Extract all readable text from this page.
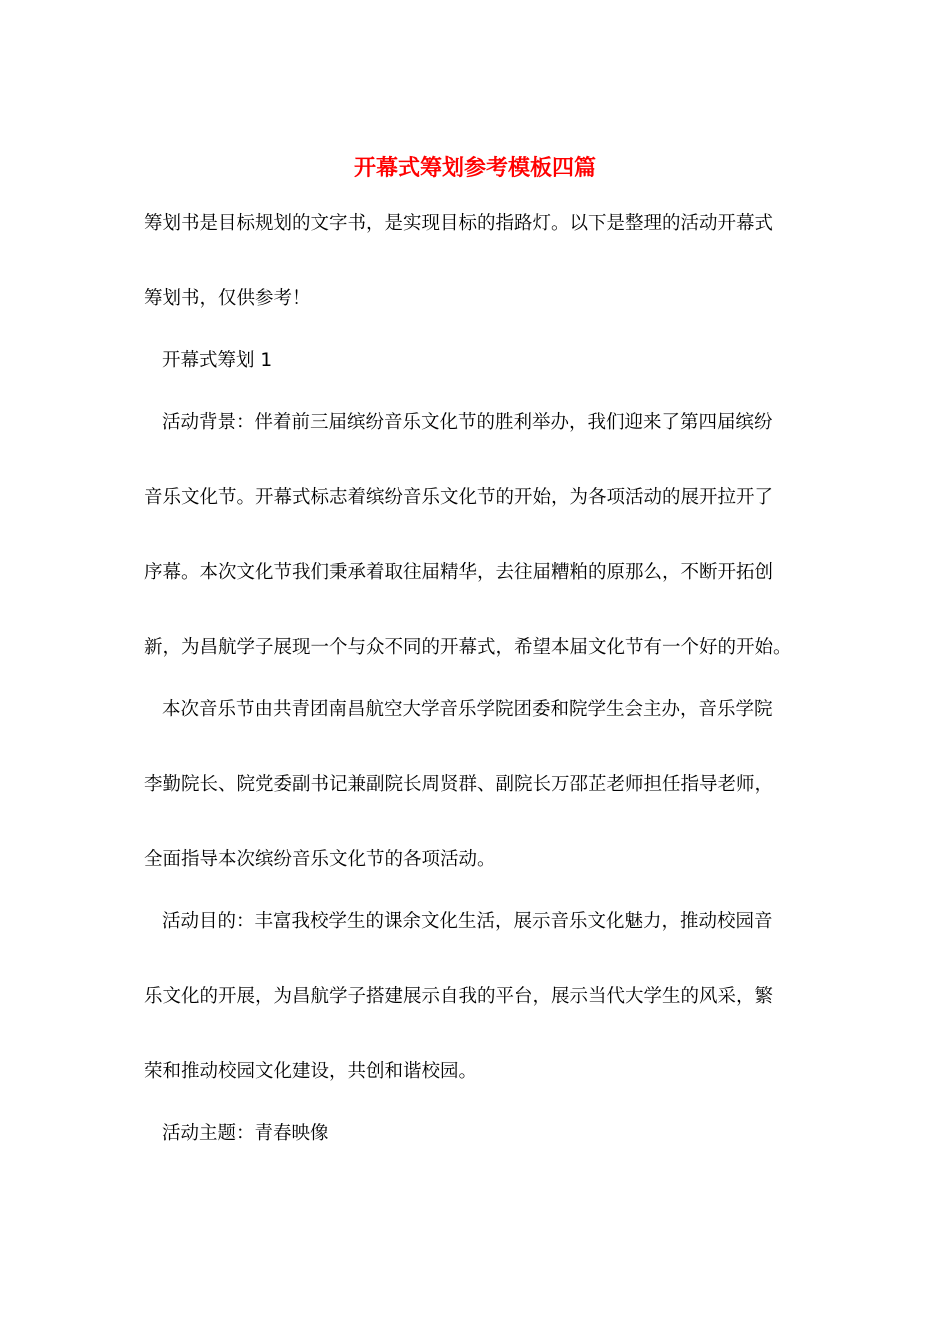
开幕式筹划参考模板四篇

筹划书是目标规划的文字书，是实现目标的指路灯。以下是整理的活动开幕式

筹划书，仅供参考！

开幕式筹划 1

活动背景：伴着前三届缤纷音乐文化节的胜利举办，我们迎来了第四届缤纷

音乐文化节。开幕式标志着缤纷音乐文化节的开始，为各项活动的展开拉开了

序幕。本次文化节我们秉承着取往届精华，去往届糟粕的原那么，不断开拓创

新，为昌航学子展现一个与众不同的开幕式，希望本届文化节有一个好的开始。

本次音乐节由共青团南昌航空大学音乐学院团委和院学生会主办，音乐学院

李勤院长、院党委副书记兼副院长周贤群、副院长万邵芷老师担任指导老师，

全面指导本次缤纷音乐文化节的各项活动。

活动目的：丰富我校学生的课余文化生活，展示音乐文化魅力，推动校园音

乐文化的开展，为昌航学子搭建展示自我的平台，展示当代大学生的风采，繁

荣和推动校园文化建设，共创和谐校园。

活动主题：青春映像
